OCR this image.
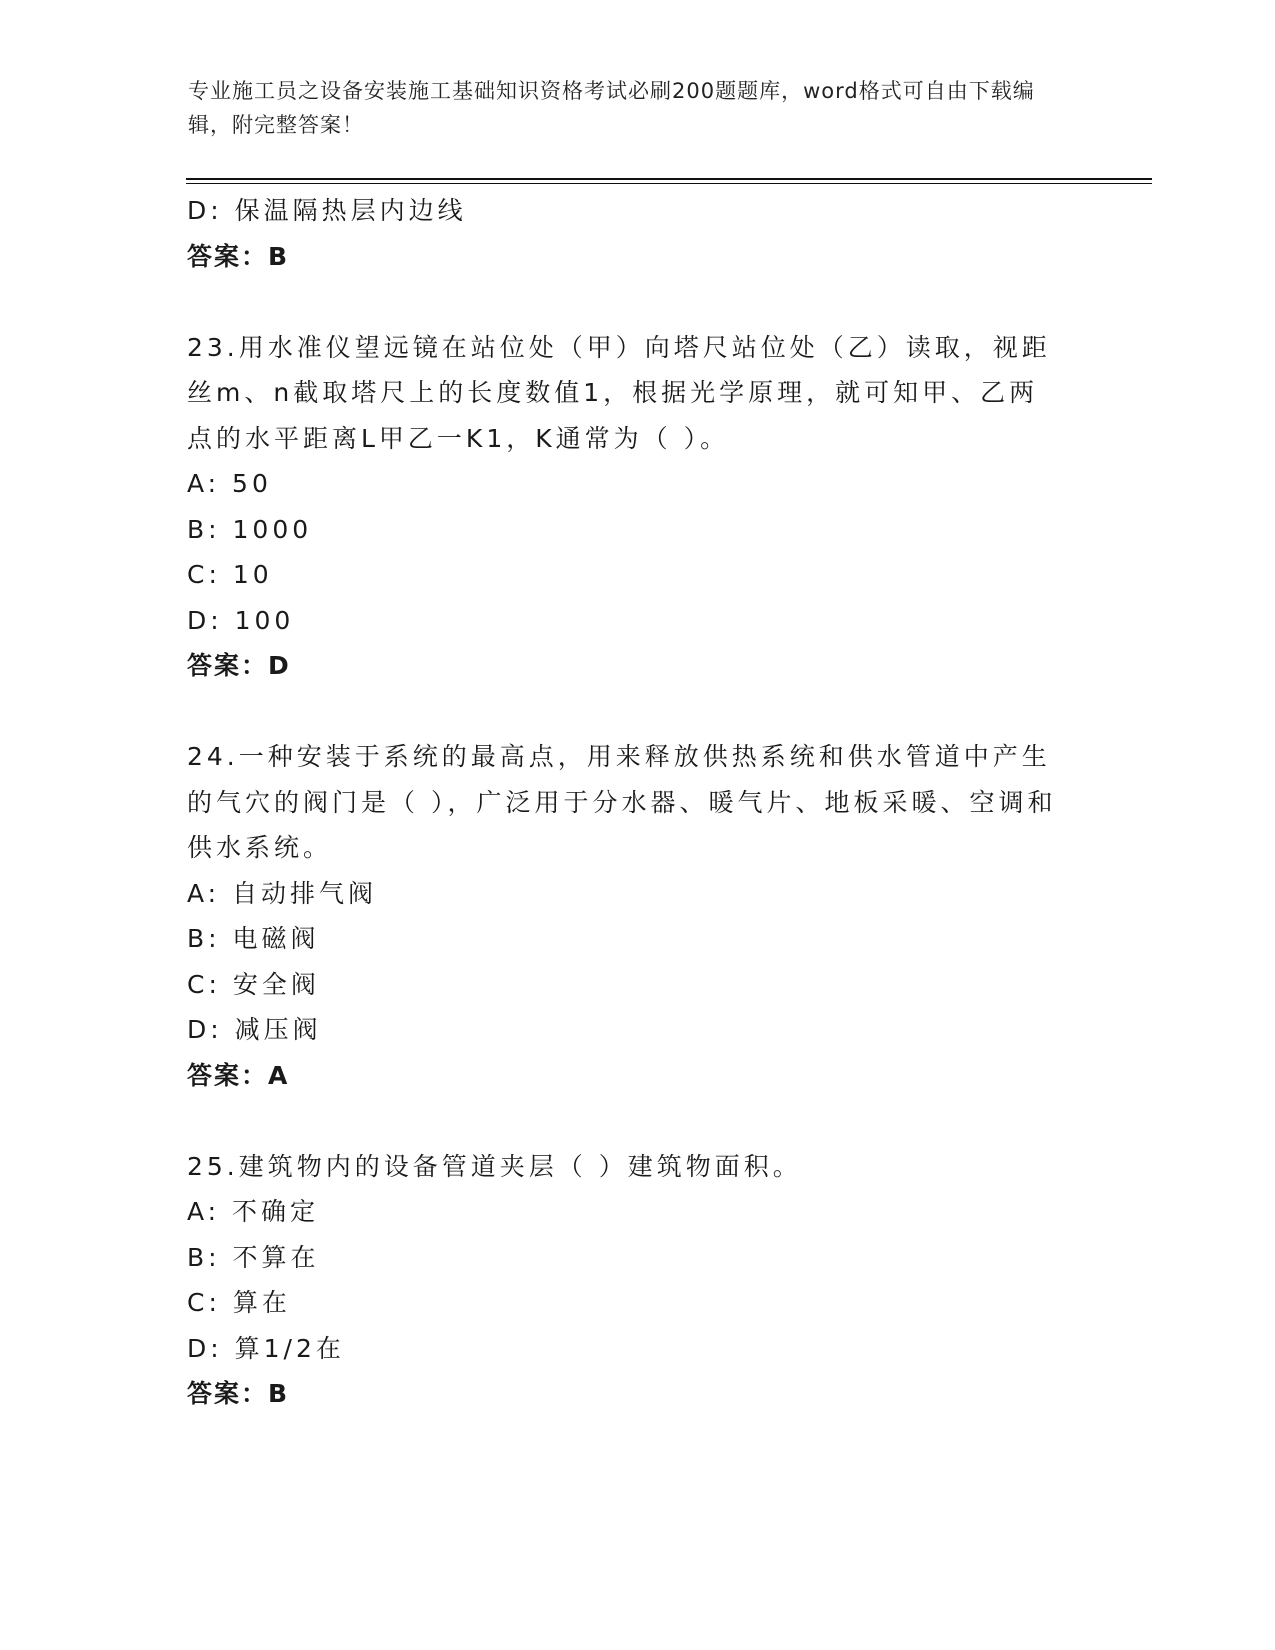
专业施工员之设备安装施工基础知识资格考试必刷200题题库，word格式可自由下载编辑，附完整答案！
D: 保温隔热层内边线
答案：B
23.用水准仪望远镜在站位处（甲）向塔尺站位处（乙）读取，视距丝m、n截取塔尺上的长度数值1，根据光学原理，就可知甲、乙两点的水平距离L甲乙一K1，K通常为（ ）。
A: 50
B: 1000
C: 10
D: 100
答案：D
24.一种安装于系统的最高点，用来释放供热系统和供水管道中产生的气穴的阀门是（ ），广泛用于分水器、暖气片、地板采暖、空调和供水系统。
A: 自动排气阀
B: 电磁阀
C: 安全阀
D: 减压阀
答案：A
25.建筑物内的设备管道夹层（ ）建筑物面积。
A: 不确定
B: 不算在
C: 算在
D: 算1/2在
答案：B
